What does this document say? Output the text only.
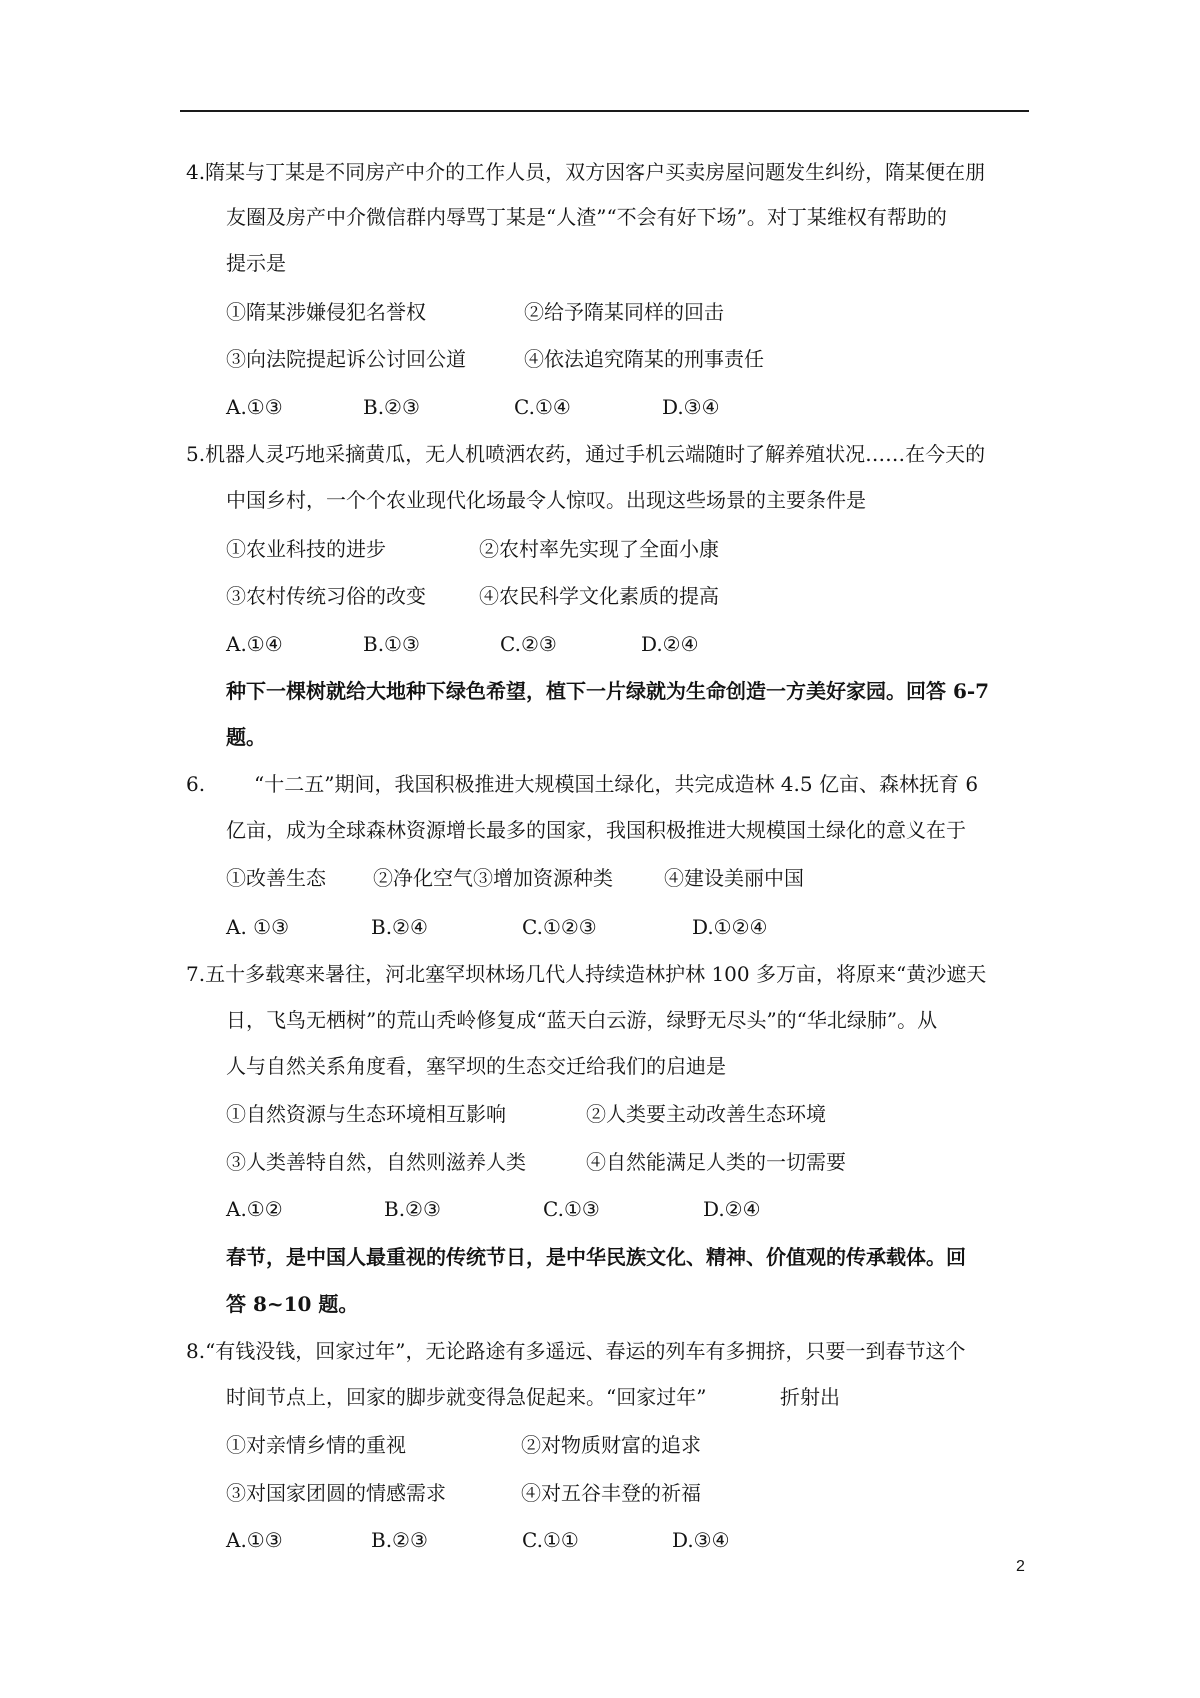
4.隋某与丁某是不同房产中介的工作人员，双方因客户买卖房屋问题发生纠纷，隋某便在朋
友圈及房产中介微信群内辱骂丁某是“人渣”“不会有好下场”。对丁某维权有帮助的
提示是
①隋某涉嫌侵犯名誉权	②给予隋某同样的回击
③向法院提起诉公讨回公道	④依法追究隋某的刑事责任
A.①③	B.②③	C.①④	D.③④
5.机器人灵巧地采摘黄瓜，无人机喷洒农药，通过手机云端随时了解养殖状况……在今天的
中国乡村，一个个农业现代化场最令人惊叹。出现这些场景的主要条件是
①农业科技的进步	②农村率先实现了全面小康
③农村传统习俗的改变	④农民科学文化素质的提高
A.①④	B.①③	C.②③	D.②④
种下一棵树就给大地种下绿色希望，植下一片绿就为生命创造一方美好家园。回答 6-7
题。
6. “十二五”期间，我国积极推进大规模国土绿化，共完成造林 4.5 亿亩、森林抚育 6
亿亩，成为全球森林资源增长最多的国家，我国积极推进大规模国土绿化的意义在于
①改善生态 ②净化空气③增加资源种类	④建设美丽中国
A. ①③	B.②④	C.①②③	D.①②④
7.五十多载寒来暑往，河北塞罕坝林场几代人持续造林护林 100 多万亩，将原来“黄沙遮天
日，飞鸟无栖树”的荒山秃岭修复成“蓝天白云游，绿野无尽头”的“华北绿肺”。从
人与自然关系角度看，塞罕坝的生态交迁给我们的启迪是
①自然资源与生态环境相互影响	②人类要主动改善生态环境
③人类善特自然，自然则滋养人类	④自然能满足人类的一切需要
A.①②	B.②③	C.①③	D.②④
春节，是中国人最重视的传统节日，是中华民族文化、精神、价值观的传承载体。回
答 8~10 题。
8.“有钱没钱，回家过年”，无论路途有多遥远、春运的列车有多拥挤，只要一到春节这个
时间节点上，回家的脚步就变得急促起来。“回家过年”	折射出
①对亲情乡情的重视	②对物质财富的追求
③对国家团圆的情感需求	④对五谷丰登的祈福
A.①③	B.②③	C.①①	D.③④
2
